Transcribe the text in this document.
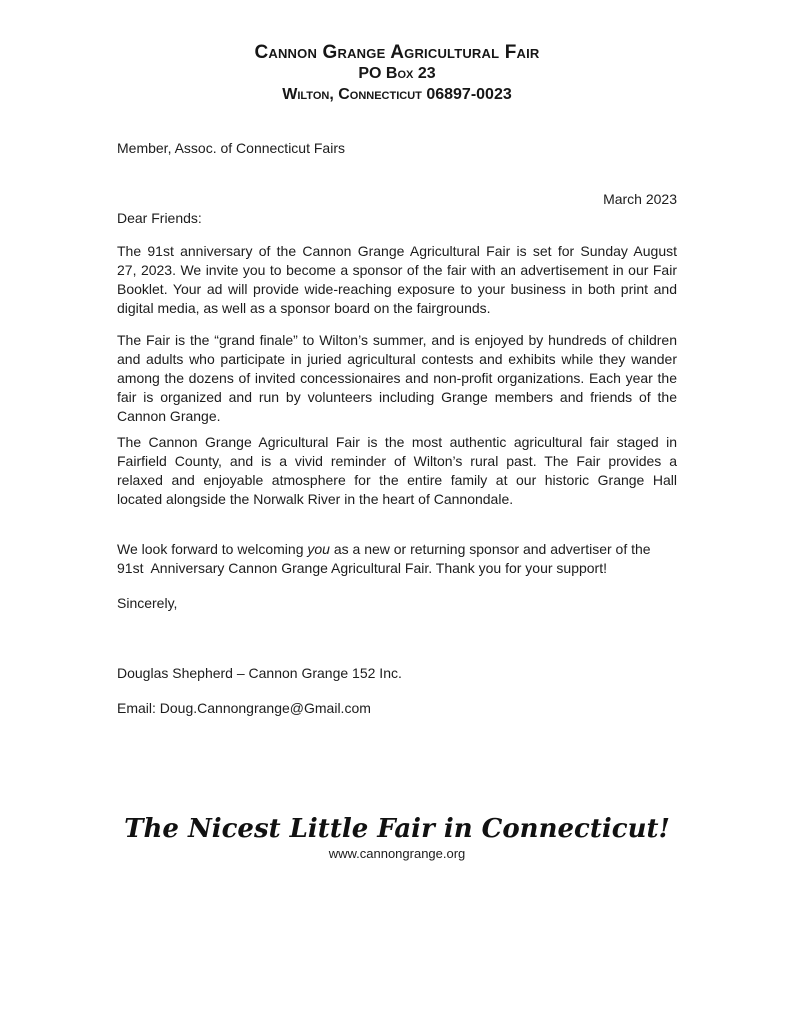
Cannon Grange Agricultural Fair
PO Box 23
Wilton, Connecticut 06897-0023
Member, Assoc. of Connecticut Fairs
March 2023
Dear Friends:
The 91st anniversary of the Cannon Grange Agricultural Fair is set for Sunday August
27, 2023. We invite you to become a sponsor of the fair with an advertisement in our Fair
Booklet. Your ad will provide wide-reaching exposure to your business in both print and
digital media, as well as a sponsor board on the fairgrounds.
The Fair is the “grand finale” to Wilton’s summer, and is enjoyed by hundreds of children
and adults who participate in juried agricultural contests and exhibits while they wander
among the dozens of invited concessionaires and non-profit organizations. Each year the
fair is organized and run by volunteers including Grange members and friends of the
Cannon Grange.
The Cannon Grange Agricultural Fair is the most authentic agricultural fair staged in
Fairfield County, and is a vivid reminder of Wilton’s rural past. The Fair provides a
relaxed and enjoyable atmosphere for the entire family at our historic Grange Hall
located alongside the Norwalk River in the heart of Cannondale.
We look forward to welcoming you as a new or returning sponsor and advertiser of the
91st  Anniversary Cannon Grange Agricultural Fair. Thank you for your support!
Sincerely,
Douglas Shepherd – Cannon Grange 152 Inc.
Email: Doug.Cannongrange@Gmail.com
The Nicest Little Fair in Connecticut!
www.cannongrange.org
